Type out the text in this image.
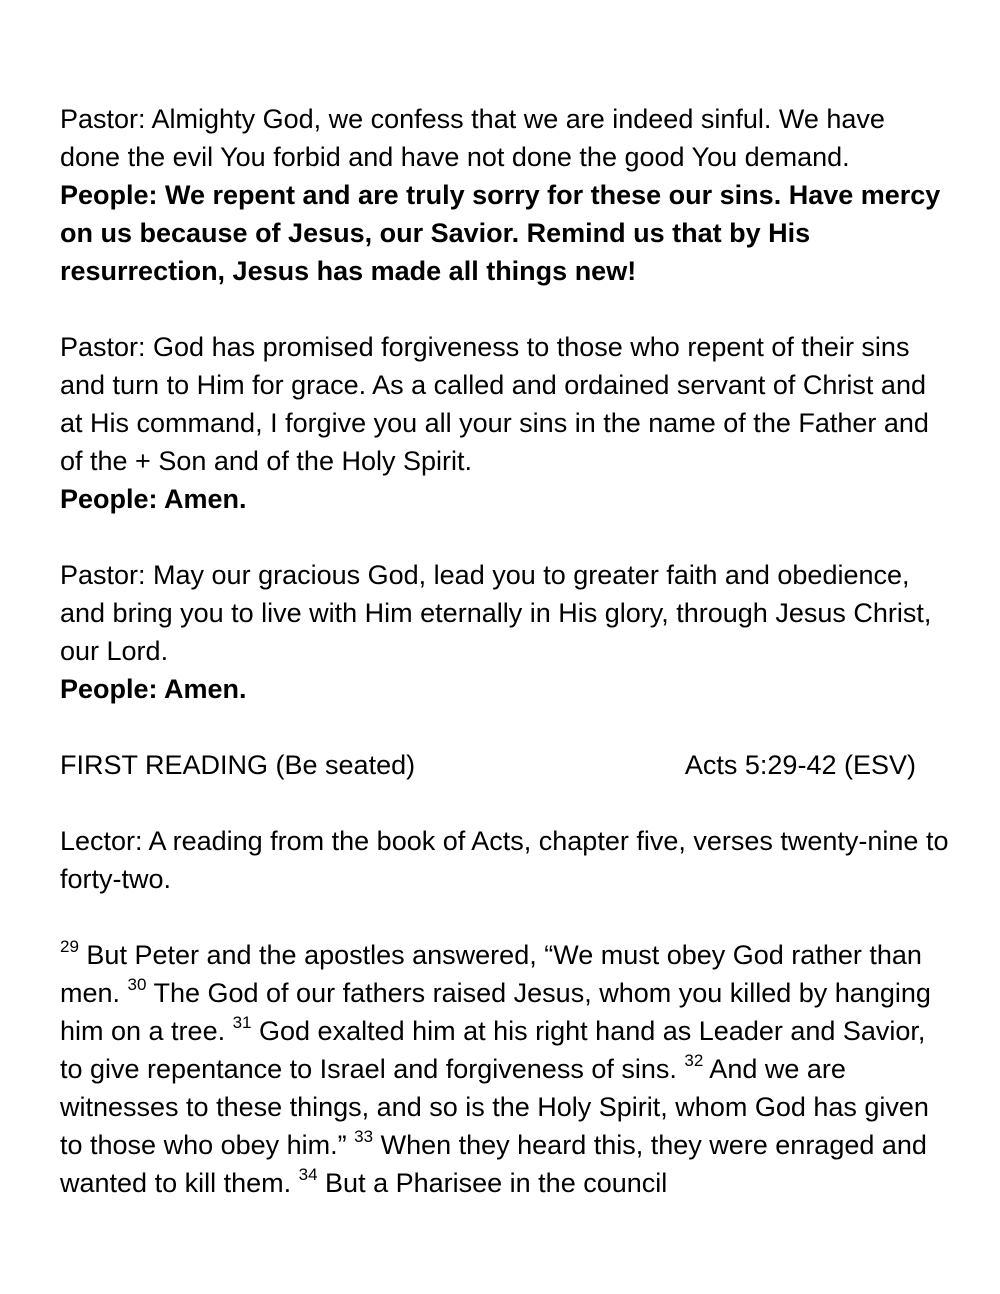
Pastor: Almighty God, we confess that we are indeed sinful. We have done the evil You forbid and have not done the good You demand.

People: We repent and are truly sorry for these our sins. Have mercy on us because of Jesus, our Savior. Remind us that by His resurrection, Jesus has made all things new!

Pastor: God has promised forgiveness to those who repent of their sins and turn to Him for grace. As a called and ordained servant of Christ and at His command, I forgive you all your sins in the name of the Father and of the + Son and of the Holy Spirit.

People: Amen.

Pastor: May our gracious God, lead you to greater faith and obedience, and bring you to live with Him eternally in His glory, through Jesus Christ, our Lord.

People: Amen.

FIRST READING (Be seated)	Acts 5:29-42 (ESV)

Lector: A reading from the book of Acts, chapter five, verses twenty-nine to forty-two.

$^{29}$ But Peter and the apostles answered, “We must obey God rather than men. $^{30}$ The God of our fathers raised Jesus, whom you killed by hanging him on a tree. $^{31}$ God exalted him at his right hand as Leader and Savior, to give repentance to Israel and forgiveness of sins. $^{32}$ And we are witnesses to these things, and so is the Holy Spirit, whom God has given to those who obey him.” $^{33}$ When they heard this, they were enraged and wanted to kill them. $^{34}$ But a Pharisee in the council
